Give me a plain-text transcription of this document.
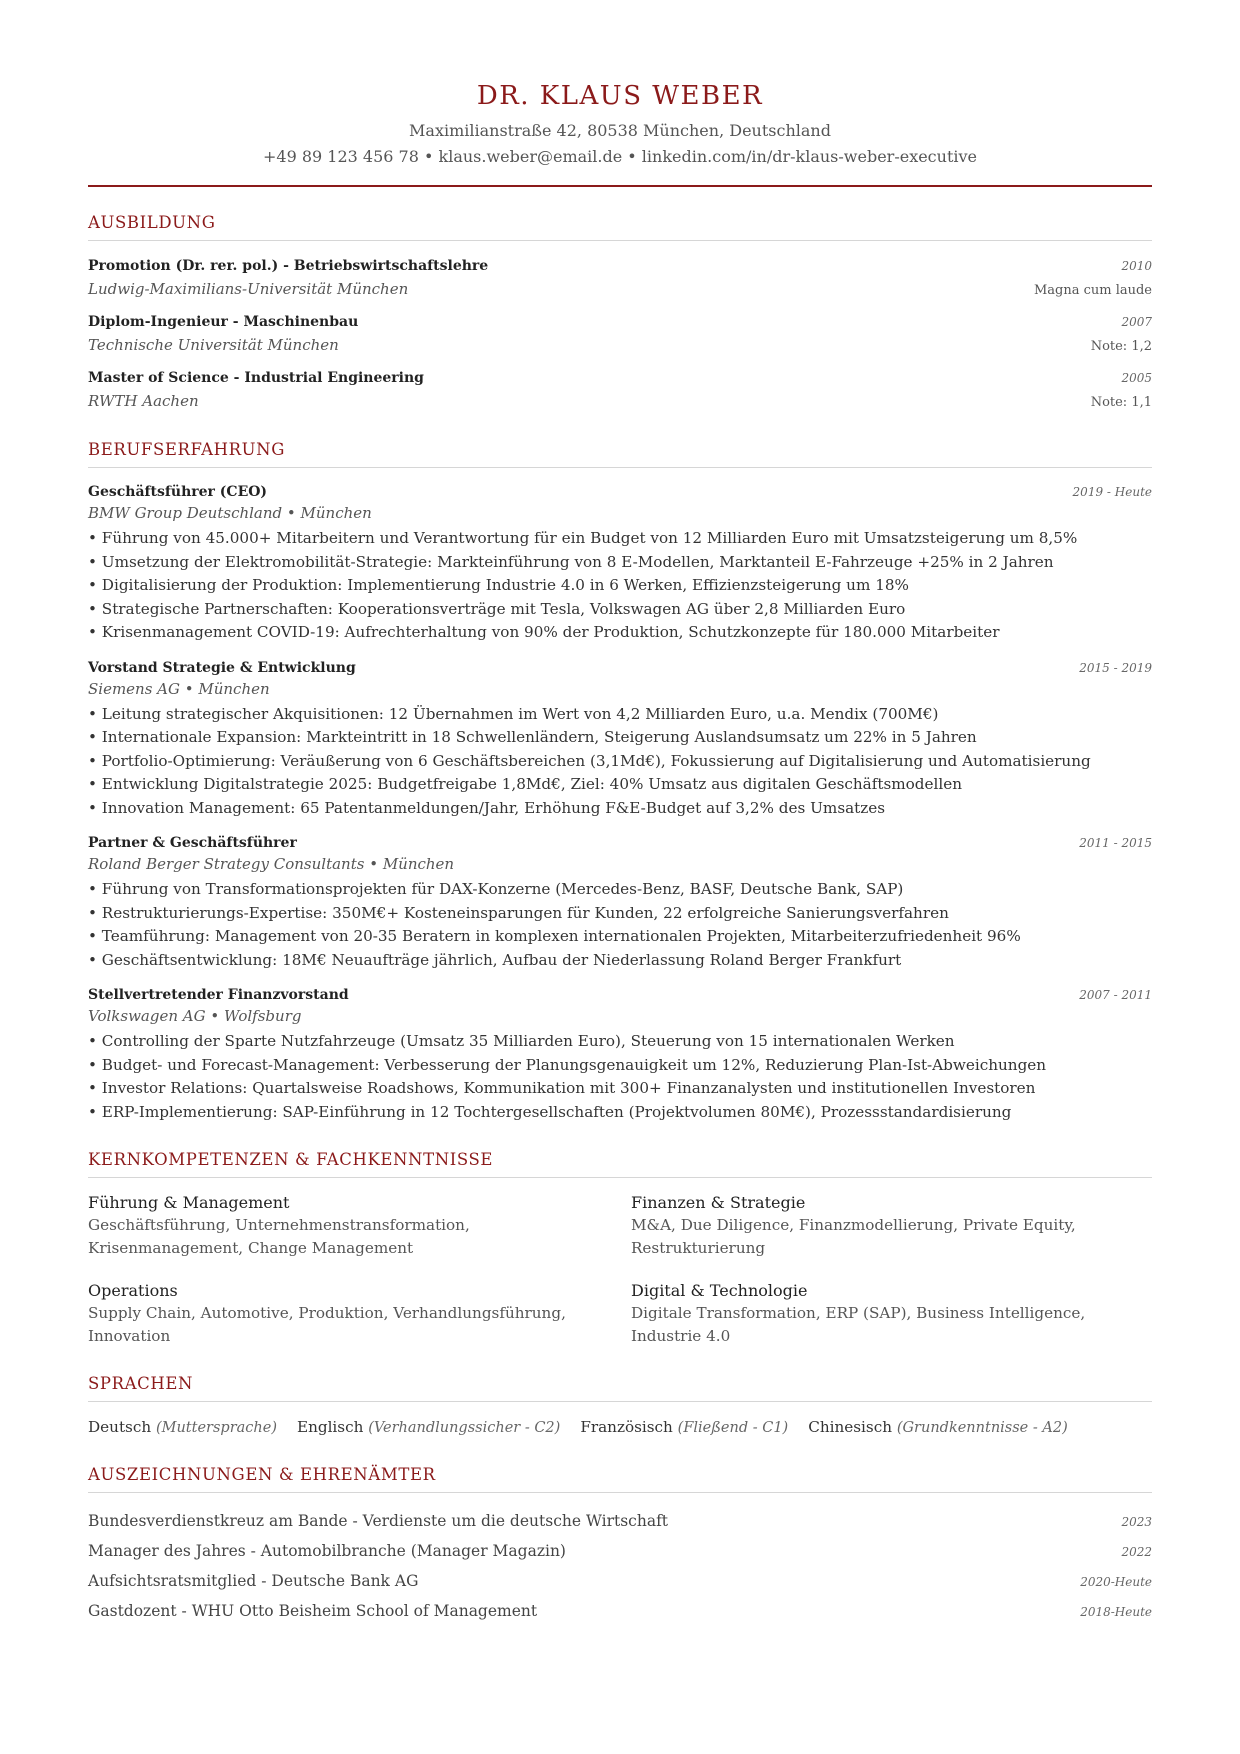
DR. KLAUS WEBER
Maximilianstraße 42, 80538 München, Deutschland
+49 89 123 456 78 • klaus.weber@email.de • linkedin.com/in/dr-klaus-weber-executive
AUSBILDUNG
Promotion (Dr. rer. pol.) - Betriebswirtschaftslehre	2010
Ludwig-Maximilians-Universität München	Magna cum laude
Diplom-Ingenieur - Maschinenbau	2007
Technische Universität München	Note: 1,2
Master of Science - Industrial Engineering	2005
RWTH Aachen	Note: 1,1
BERUFSERFAHRUNG
Geschäftsführer (CEO)	2019 - Heute
BMW Group Deutschland • München
• Führung von 45.000+ Mitarbeitern und Verantwortung für ein Budget von 12 Milliarden Euro mit Umsatzsteigerung um 8,5%
• Umsetzung der Elektromobilität-Strategie: Markteinführung von 8 E-Modellen, Marktanteil E-Fahrzeuge +25% in 2 Jahren
• Digitalisierung der Produktion: Implementierung Industrie 4.0 in 6 Werken, Effizienzsteigerung um 18%
• Strategische Partnerschaften: Kooperationsverträge mit Tesla, Volkswagen AG über 2,8 Milliarden Euro
• Krisenmanagement COVID-19: Aufrechterhaltung von 90% der Produktion, Schutzkonzepte für 180.000 Mitarbeiter
Vorstand Strategie & Entwicklung	2015 - 2019
Siemens AG • München
• Leitung strategischer Akquisitionen: 12 Übernahmen im Wert von 4,2 Milliarden Euro, u.a. Mendix (700M€)
• Internationale Expansion: Markteintritt in 18 Schwellenländern, Steigerung Auslandsumsatz um 22% in 5 Jahren
• Portfolio-Optimierung: Veräußerung von 6 Geschäftsbereichen (3,1Md€), Fokussierung auf Digitalisierung und Automatisierung
• Entwicklung Digitalstrategie 2025: Budgetfreigabe 1,8Md€, Ziel: 40% Umsatz aus digitalen Geschäftsmodellen
• Innovation Management: 65 Patentanmeldungen/Jahr, Erhöhung F&E-Budget auf 3,2% des Umsatzes
Partner & Geschäftsführer	2011 - 2015
Roland Berger Strategy Consultants • München
• Führung von Transformationsprojekten für DAX-Konzerne (Mercedes-Benz, BASF, Deutsche Bank, SAP)
• Restrukturierungs-Expertise: 350M€+ Kosteneinsparungen für Kunden, 22 erfolgreiche Sanierungsverfahren
• Teamführung: Management von 20-35 Beratern in komplexen internationalen Projekten, Mitarbeiterzufriedenheit 96%
• Geschäftsentwicklung: 18M€ Neuaufträge jährlich, Aufbau der Niederlassung Roland Berger Frankfurt
Stellvertretender Finanzvorstand	2007 - 2011
Volkswagen AG • Wolfsburg
• Controlling der Sparte Nutzfahrzeuge (Umsatz 35 Milliarden Euro), Steuerung von 15 internationalen Werken
• Budget- und Forecast-Management: Verbesserung der Planungsgenauigkeit um 12%, Reduzierung Plan-Ist-Abweichungen
• Investor Relations: Quartalsweise Roadshows, Kommunikation mit 300+ Finanzanalysten und institutionellen Investoren
• ERP-Implementierung: SAP-Einführung in 12 Tochtergesellschaften (Projektvolumen 80M€), Prozessstandardisierung
KERNKOMPETENZEN & FACHKENNTNISSE
Führung & Management
Geschäftsführung, Unternehmenstransformation, Krisenmanagement, Change Management
Finanzen & Strategie
M&A, Due Diligence, Finanzmodellierung, Private Equity, Restrukturierung
Operations
Supply Chain, Automotive, Produktion, Verhandlungsführung, Innovation
Digital & Technologie
Digitale Transformation, ERP (SAP), Business Intelligence, Industrie 4.0
SPRACHEN
Deutsch (Muttersprache) Englisch (Verhandlungssicher - C2) Französisch (Fließend - C1) Chinesisch (Grundkenntnisse - A2)
AUSZEICHNUNGEN & EHRENÄMTER
Bundesverdienstkreuz am Bande - Verdienste um die deutsche Wirtschaft	2023
Manager des Jahres - Automobilbranche (Manager Magazin)	2022
Aufsichtsratsmitglied - Deutsche Bank AG	2020-Heute
Gastdozent - WHU Otto Beisheim School of Management	2018-Heute
